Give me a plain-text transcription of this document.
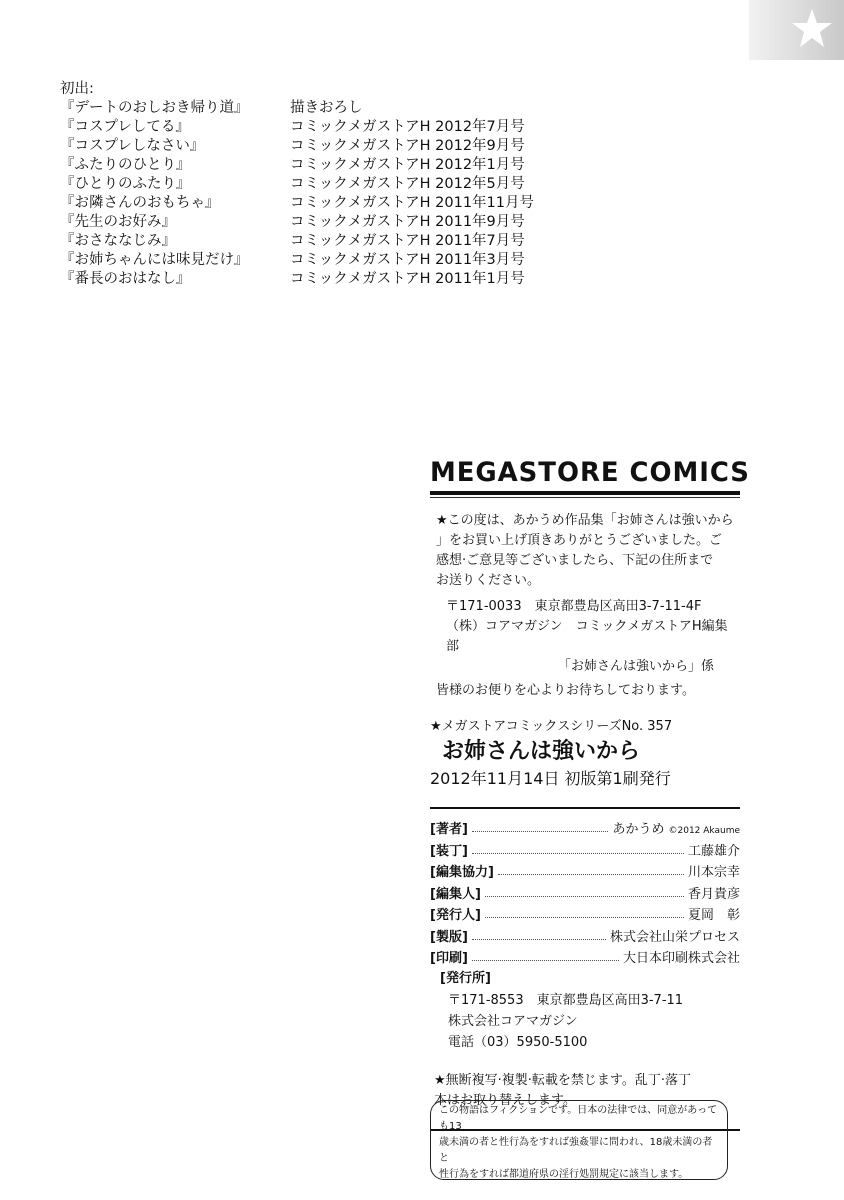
初出:
『デートのおしおき帰り道』	描きおろし
『コスプレしてる』	コミックメガストアH 2012年7月号
『コスプレしなさい』	コミックメガストアH 2012年9月号
『ふたりのひとり』	コミックメガストアH 2012年1月号
『ひとりのふたり』	コミックメガストアH 2012年5月号
『お隣さんのおもちゃ』	コミックメガストアH 2011年11月号
『先生のお好み』	コミックメガストアH 2011年9月号
『おさななじみ』	コミックメガストアH 2011年7月号
『お姉ちゃんには味見だけ』	コミックメガストアH 2011年3月号
『番長のおはなし』	コミックメガストアH 2011年1月号
MEGASTORE COMICS
★この度は、あかうめ作品集「お姉さんは強いから
」をお買い上げ頂きありがとうございました。ご
感想·ご意見等ございましたら、下記の住所まで
お送りください。
〒171-0033　東京都豊島区高田3-7-11-4F
（株）コアマガジン　コミックメガストアH編集部
「お姉さんは強いから」係
皆様のお便りを心よりお待ちしております。
★メガストアコミックスシリーズNo. 357
お姉さんは強いから
2012年11月14日 初版第1刷発行
[著者]	あかうめ ©2012 Akaume
[装丁]	工藤雄介
[編集協力]	川本宗幸
[編集人]	香月貴彦
[発行人]	夏岡　彰
[製版]	株式会社山栄プロセス
[印刷]	大日本印刷株式会社
[発行所]
〒171-8553　東京都豊島区高田3-7-11
株式会社コアマガジン
電話（03）5950-5100
★無断複写·複製·転載を禁じます。乱丁·落丁
本はお取り替えします。
この物語はフィクションです。日本の法律では、同意があっても13
歳未満の者と性行為をすれば強姦罪に問われ、18歳未満の者と
性行為をすれば都道府県の淫行処罰規定に該当します。
